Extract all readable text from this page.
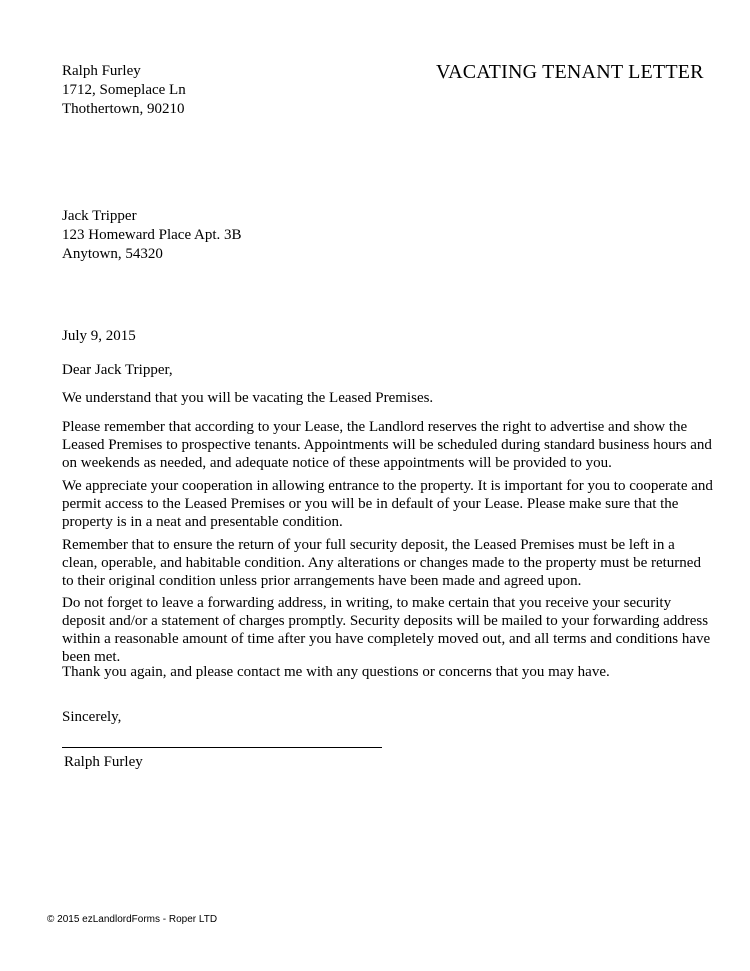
Ralph Furley
1712, Someplace Ln
Thothertown, 90210
VACATING TENANT LETTER
Jack Tripper
123 Homeward Place Apt. 3B
Anytown, 54320
July 9, 2015
Dear Jack Tripper,
We understand that you will be vacating the Leased Premises.
Please remember that according to your Lease, the Landlord reserves the right to advertise and show the
Leased Premises to prospective tenants. Appointments will be scheduled during standard business hours and
on weekends as needed, and adequate notice of these appointments will be provided to you.
We appreciate your cooperation in allowing entrance to the property. It is important for you to cooperate and
permit access to the Leased Premises or you will be in default of your Lease. Please make sure that the
property is in a neat and presentable condition.
Remember that to ensure the return of your full security deposit, the Leased Premises must be left in a
clean, operable, and habitable condition. Any alterations or changes made to the property must be returned
to their original condition unless prior arrangements have been made and agreed upon.
Do not forget to leave a forwarding address, in writing, to make certain that you receive your security
deposit and/or a statement of charges promptly. Security deposits will be mailed to your forwarding address
within a reasonable amount of time after you have completely moved out, and all terms and conditions have
been met.
Thank you again, and please contact me with any questions or concerns that you may have.
Sincerely,
Ralph Furley
© 2015 ezLandlordForms - Roper LTD
